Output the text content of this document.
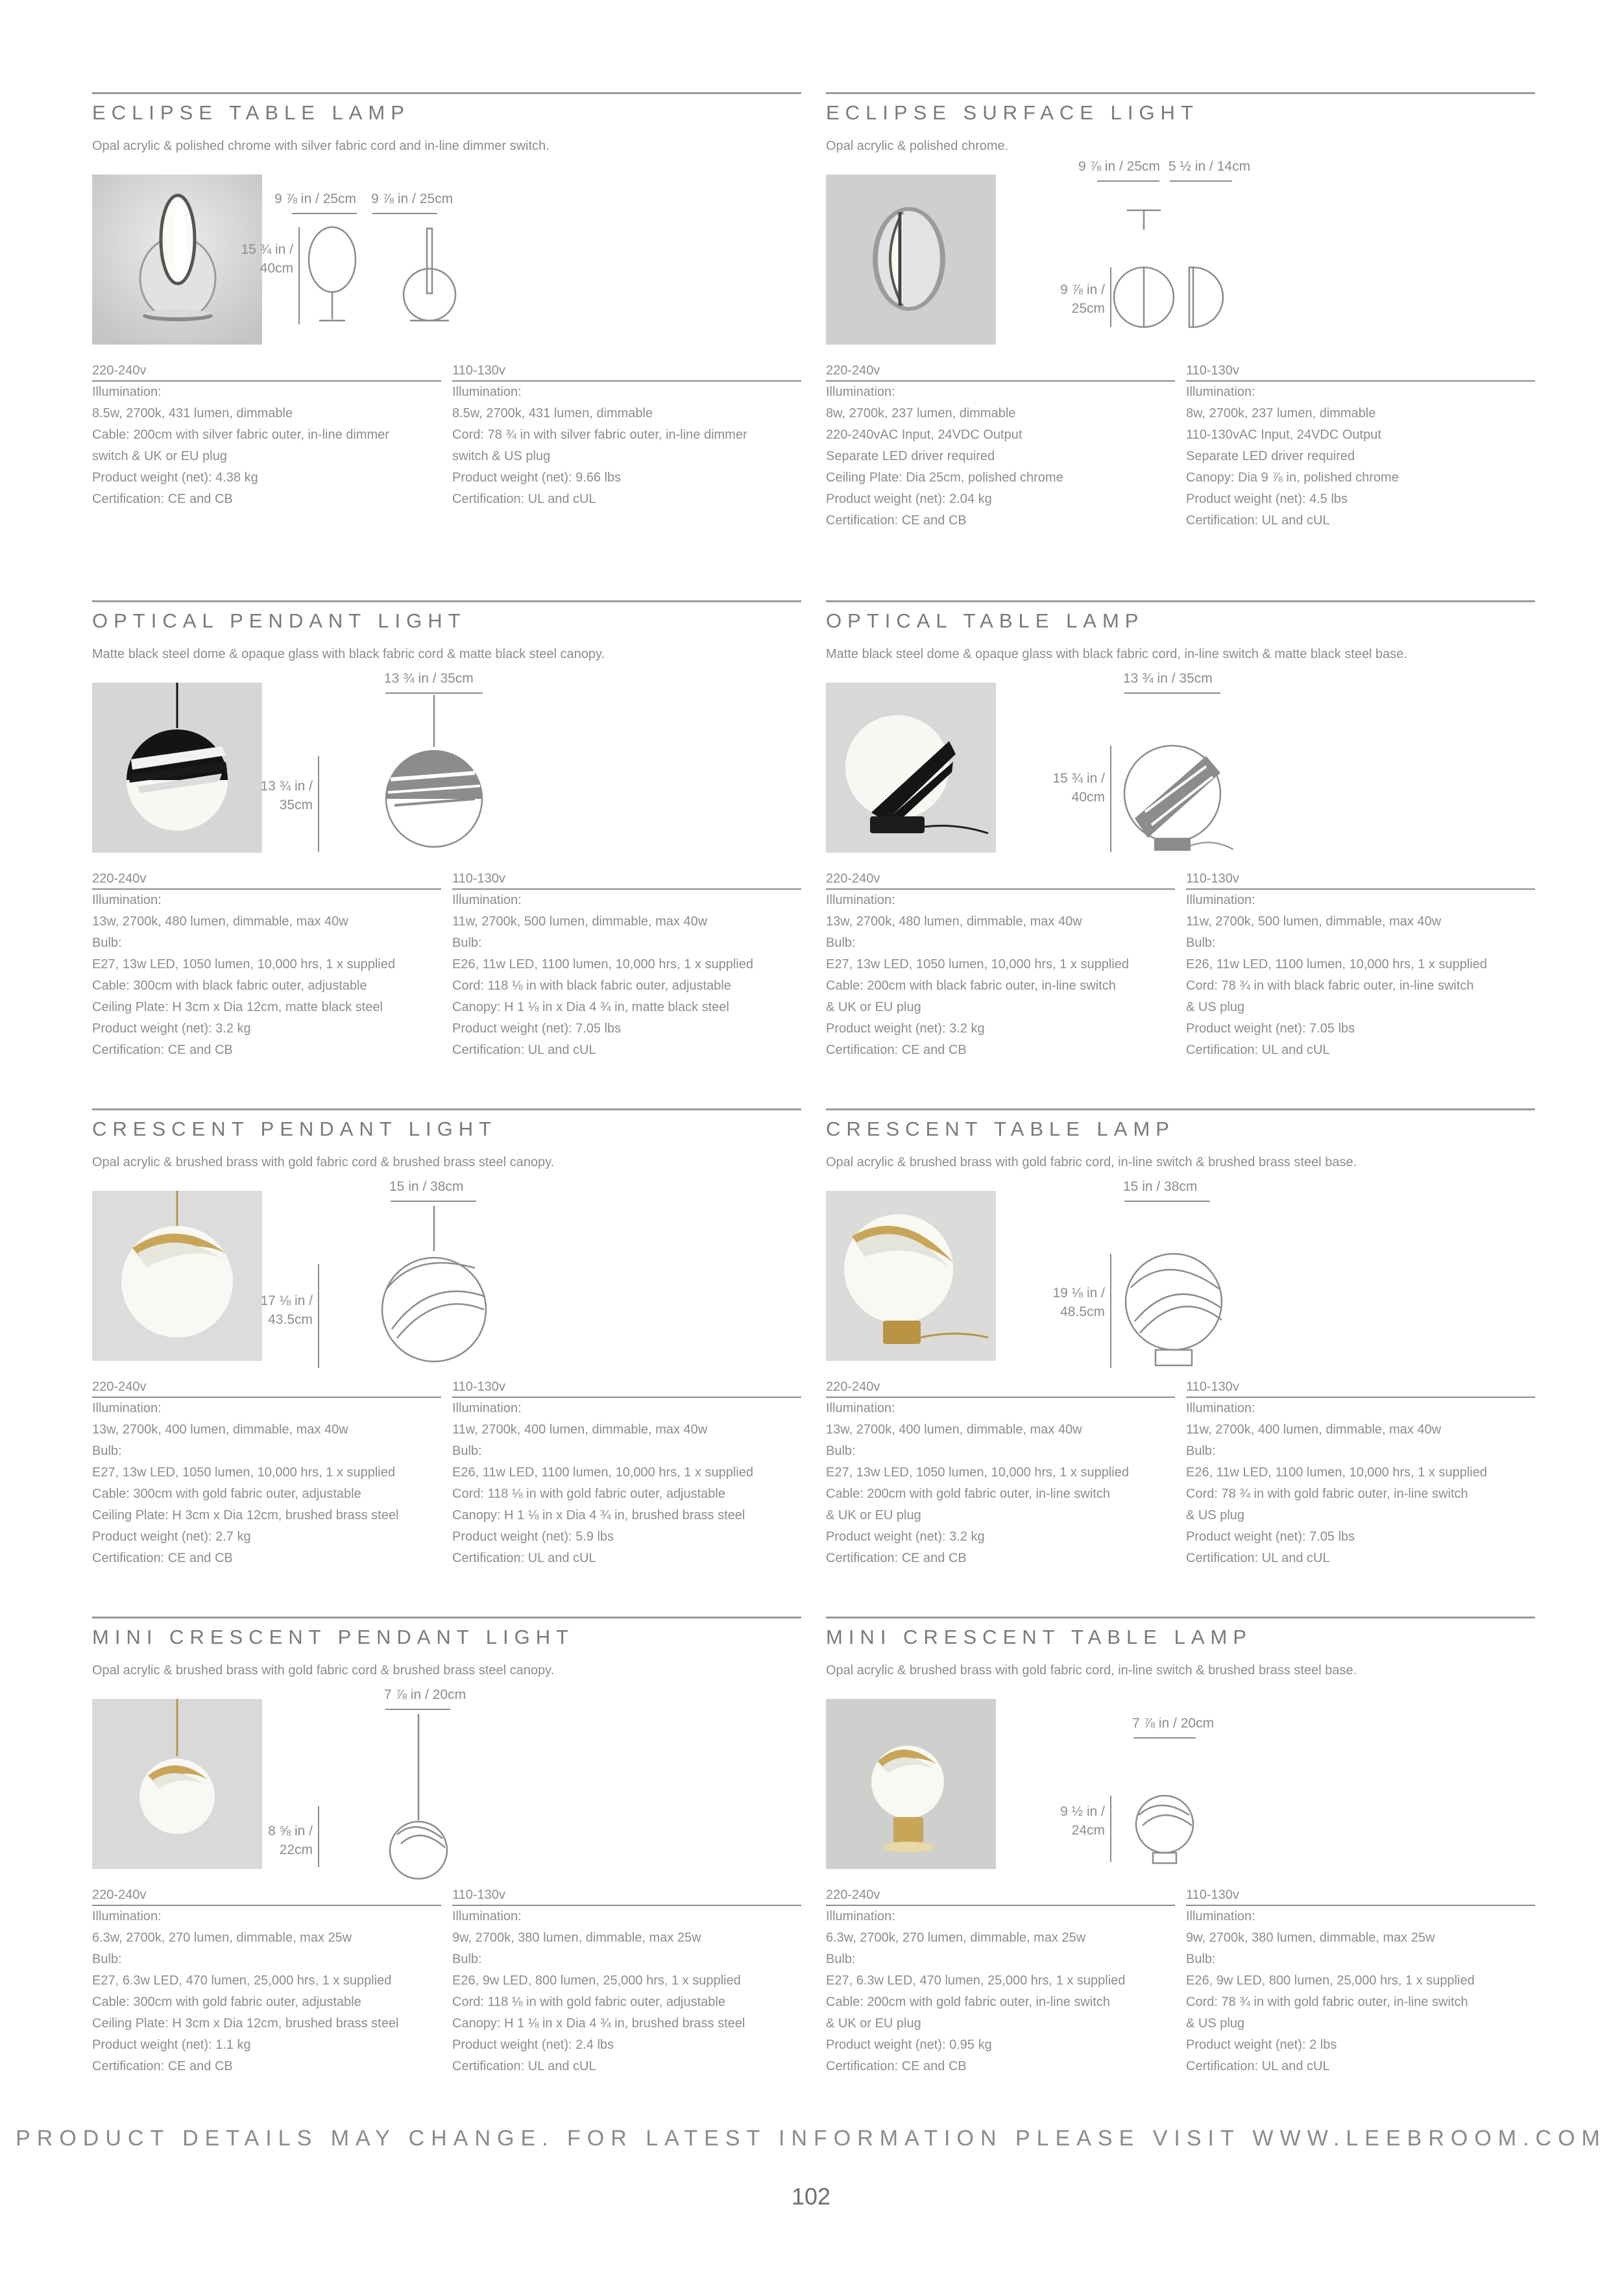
ECLIPSE TABLE LAMP
Opal acrylic & polished chrome with silver fabric cord and in-line dimmer switch.
9 ⅞ in / 25cm 9 ⅞ in / 25cm
15 ¾ in /
40cm
220-240v
Illumination:
8.5w, 2700k, 431 lumen, dimmable
Cable: 200cm with silver fabric outer, in-line dimmer
switch & UK or EU plug
Product weight (net): 4.38 kg
Certification: CE and CB
110-130v
Illumination:
8.5w, 2700k, 431 lumen, dimmable
Cord: 78 ¾ in with silver fabric outer, in-line dimmer
switch & US plug
Product weight (net): 9.66 lbs
Certification: UL and cUL
ECLIPSE SURFACE LIGHT
Opal acrylic & polished chrome.
9 ⅞ in / 25cm 5 ½ in / 14cm
9 ⅞ in /
25cm
220-240v
Illumination:
8w, 2700k, 237 lumen, dimmable
220-240vAC Input, 24VDC Output
Separate LED driver required
Ceiling Plate: Dia 25cm, polished chrome
Product weight (net): 2.04 kg
Certification: CE and CB
110-130v
Illumination:
8w, 2700k, 237 lumen, dimmable
110-130vAC Input, 24VDC Output
Separate LED driver required
Canopy: Dia 9 ⅞ in, polished chrome
Product weight (net): 4.5 lbs
Certification: UL and cUL
OPTICAL PENDANT LIGHT
Matte black steel dome & opaque glass with black fabric cord & matte black steel canopy.
13 ¾ in / 35cm
13 ¾ in /
35cm
220-240v
Illumination:
13w, 2700k, 480 lumen, dimmable, max 40w
Bulb:
E27, 13w LED, 1050 lumen, 10,000 hrs, 1 x supplied
Cable: 300cm with black fabric outer, adjustable
Ceiling Plate: H 3cm x Dia 12cm, matte black steel
Product weight (net): 3.2 kg
Certification: CE and CB
110-130v
Illumination:
11w, 2700k, 500 lumen, dimmable, max 40w
Bulb:
E26, 11w LED, 1100 lumen, 10,000 hrs, 1 x supplied
Cord: 118 ⅛ in with black fabric outer, adjustable
Canopy: H 1 ⅛ in x Dia 4 ¾ in, matte black steel
Product weight (net): 7.05 lbs
Certification: UL and cUL
OPTICAL TABLE LAMP
Matte black steel dome & opaque glass with black fabric cord, in-line switch & matte black steel base.
13 ¾ in / 35cm
15 ¾ in /
40cm
220-240v
Illumination:
13w, 2700k, 480 lumen, dimmable, max 40w
Bulb:
E27, 13w LED, 1050 lumen, 10,000 hrs, 1 x supplied
Cable: 200cm with black fabric outer, in-line switch
& UK or EU plug
Product weight (net): 3.2 kg
Certification: CE and CB
110-130v
Illumination:
11w, 2700k, 500 lumen, dimmable, max 40w
Bulb:
E26, 11w LED, 1100 lumen, 10,000 hrs, 1 x supplied
Cord: 78 ¾ in with black fabric outer, in-line switch
& US plug
Product weight (net): 7.05 lbs
Certification: UL and cUL
CRESCENT PENDANT LIGHT
Opal acrylic & brushed brass with gold fabric cord & brushed brass steel canopy.
15 in / 38cm
17 ⅛ in /
43.5cm
220-240v
Illumination:
13w, 2700k, 400 lumen, dimmable, max 40w
Bulb:
E27, 13w LED, 1050 lumen, 10,000 hrs, 1 x supplied
Cable: 300cm with gold fabric outer, adjustable
Ceiling Plate: H 3cm x Dia 12cm, brushed brass steel
Product weight (net): 2.7 kg
Certification: CE and CB
110-130v
Illumination:
11w, 2700k, 400 lumen, dimmable, max 40w
Bulb:
E26, 11w LED, 1100 lumen, 10,000 hrs, 1 x supplied
Cord: 118 ⅛ in with gold fabric outer, adjustable
Canopy: H 1 ⅛ in x Dia 4 ¾ in, brushed brass steel
Product weight (net): 5.9 lbs
Certification: UL and cUL
CRESCENT TABLE LAMP
Opal acrylic & brushed brass with gold fabric cord, in-line switch & brushed brass steel base.
15 in / 38cm
19 ⅛ in /
48.5cm
220-240v
Illumination:
13w, 2700k, 400 lumen, dimmable, max 40w
Bulb:
E27, 13w LED, 1050 lumen, 10,000 hrs, 1 x supplied
Cable: 200cm with gold fabric outer, in-line switch
& UK or EU plug
Product weight (net): 3.2 kg
Certification: CE and CB
110-130v
Illumination:
11w, 2700k, 400 lumen, dimmable, max 40w
Bulb:
E26, 11w LED, 1100 lumen, 10,000 hrs, 1 x supplied
Cord: 78 ¾ in with gold fabric outer, in-line switch
& US plug
Product weight (net): 7.05 lbs
Certification: UL and cUL
MINI CRESCENT PENDANT LIGHT
Opal acrylic & brushed brass with gold fabric cord & brushed brass steel canopy.
7 ⅞ in / 20cm
8 ⅝ in /
22cm
220-240v
Illumination:
6.3w, 2700k, 270 lumen, dimmable, max 25w
Bulb:
E27, 6.3w LED, 470 lumen, 25,000 hrs, 1 x supplied
Cable: 300cm with gold fabric outer, adjustable
Ceiling Plate: H 3cm x Dia 12cm, brushed brass steel
Product weight (net): 1.1 kg
Certification: CE and CB
110-130v
Illumination:
9w, 2700k, 380 lumen, dimmable, max 25w
Bulb:
E26, 9w LED, 800 lumen, 25,000 hrs, 1 x supplied
Cord: 118 ⅛ in with gold fabric outer, adjustable
Canopy: H 1 ⅛ in x Dia 4 ¾ in, brushed brass steel
Product weight (net): 2.4 lbs
Certification: UL and cUL
MINI CRESCENT TABLE LAMP
Opal acrylic & brushed brass with gold fabric cord, in-line switch & brushed brass steel base.
7 ⅞ in / 20cm
9 ½ in /
24cm
220-240v
Illumination:
6.3w, 2700k, 270 lumen, dimmable, max 25w
Bulb:
E27, 6.3w LED, 470 lumen, 25,000 hrs, 1 x supplied
Cable: 200cm with gold fabric outer, in-line switch
& UK or EU plug
Product weight (net): 0.95 kg
Certification: CE and CB
110-130v
Illumination:
9w, 2700k, 380 lumen, dimmable, max 25w
Bulb:
E26, 9w LED, 800 lumen, 25,000 hrs, 1 x supplied
Cord: 78 ¾ in with gold fabric outer, in-line switch
& US plug
Product weight (net): 2 lbs
Certification: UL and cUL
PRODUCT DETAILS MAY CHANGE. FOR LATEST INFORMATION PLEASE VISIT WWW.LEEBROOM.COM
102
